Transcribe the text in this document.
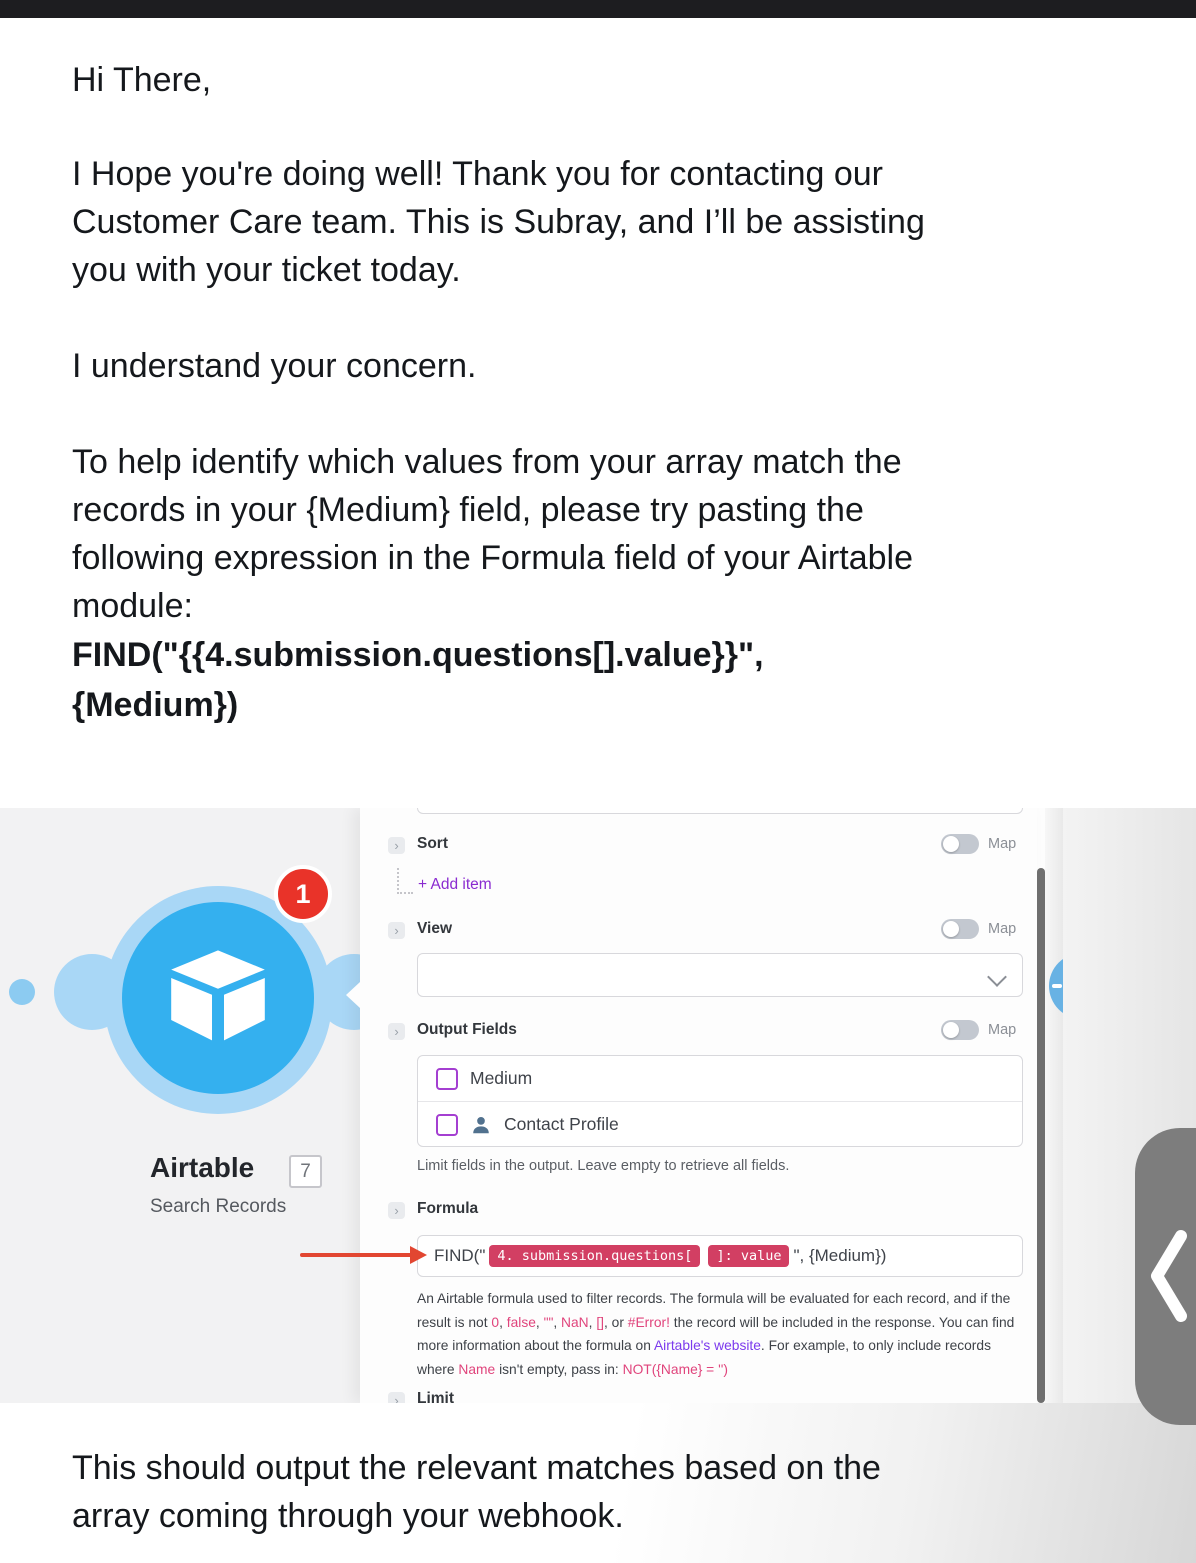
Hi There,
I Hope you're doing well! Thank you for contacting our
Customer Care team. This is Subray, and I’ll be assisting
you with your ticket today.
I understand your concern.
To help identify which values from your array match the
records in your {Medium} field, please try pasting the
following expression in the Formula field of your Airtable
module:
FIND("{{4.submission.questions[].value}}",
{Medium})
1
Airtable	7
Search Records
›	Sort	Map
+ Add item
›	View	Map
›	Output Fields	Map
Medium
Contact Profile
Limit fields in the output. Leave empty to retrieve all fields.
›	Formula
FIND(" 4. submission.questions[	]: value ", {Medium})
An Airtable formula used to filter records. The formula will be evaluated for each record, and if the result is not 0, false, "", NaN, [], or #Error! the record will be included in the response. You can find more information about the formula on Airtable's website. For example, to only include records where Name isn't empty, pass in: NOT({Name} = '')
›	Limit
This should output the relevant matches based on the
array coming through your webhook.
